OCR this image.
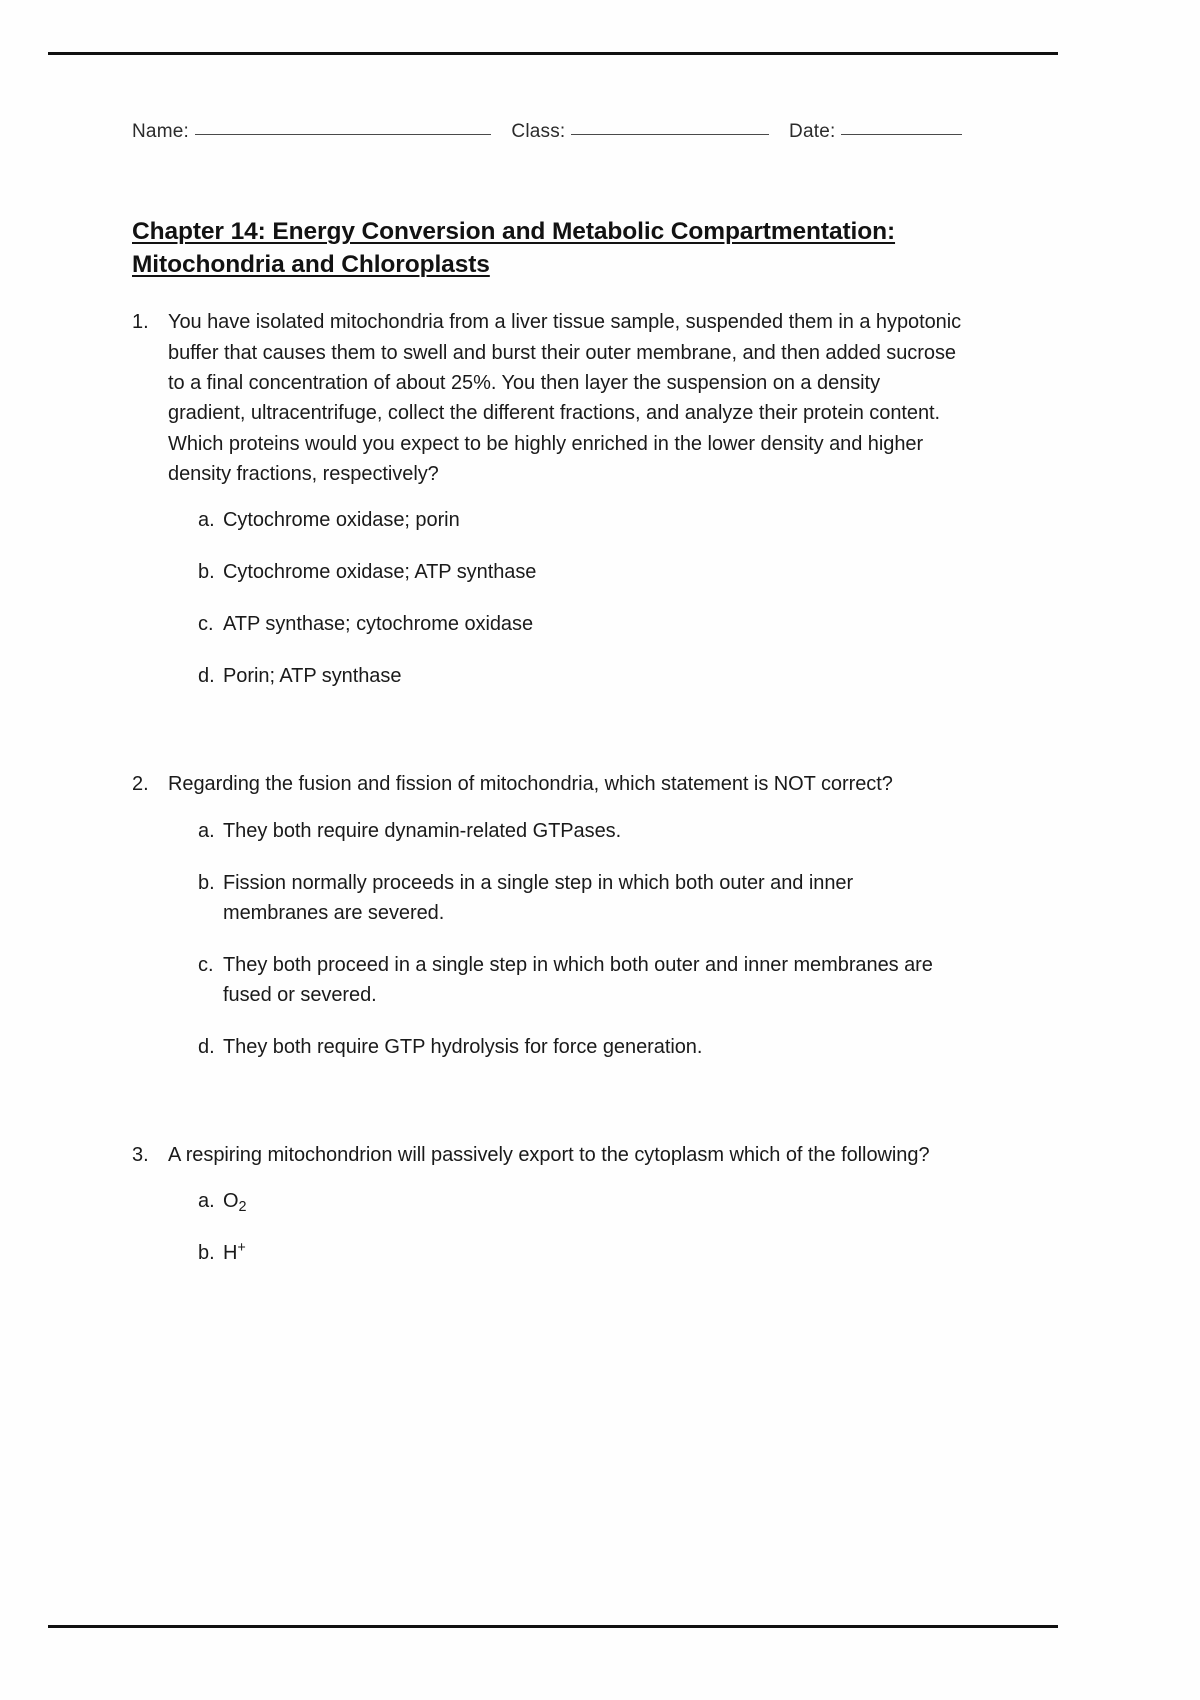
Name:	Class:	Date:
Chapter 14: Energy Conversion and Metabolic Compartmentation:
Mitochondria and Chloroplasts
1. You have isolated mitochondria from a liver tissue sample, suspended them in a hypotonic buffer that causes them to swell and burst their outer membrane, and then added sucrose to a final concentration of about 25%. You then layer the suspension on a density gradient, ultracentrifuge, collect the different fractions, and analyze their protein content. Which proteins would you expect to be highly enriched in the lower density and higher density fractions, respectively?
a. Cytochrome oxidase; porin
b. Cytochrome oxidase; ATP synthase
c. ATP synthase; cytochrome oxidase
d. Porin; ATP synthase
2. Regarding the fusion and fission of mitochondria, which statement is NOT correct?
a. They both require dynamin-related GTPases.
b. Fission normally proceeds in a single step in which both outer and inner membranes are severed.
c. They both proceed in a single step in which both outer and inner membranes are fused or severed.
d. They both require GTP hydrolysis for force generation.
3. A respiring mitochondrion will passively export to the cytoplasm which of the following?
a. $O_2$
b. H+
